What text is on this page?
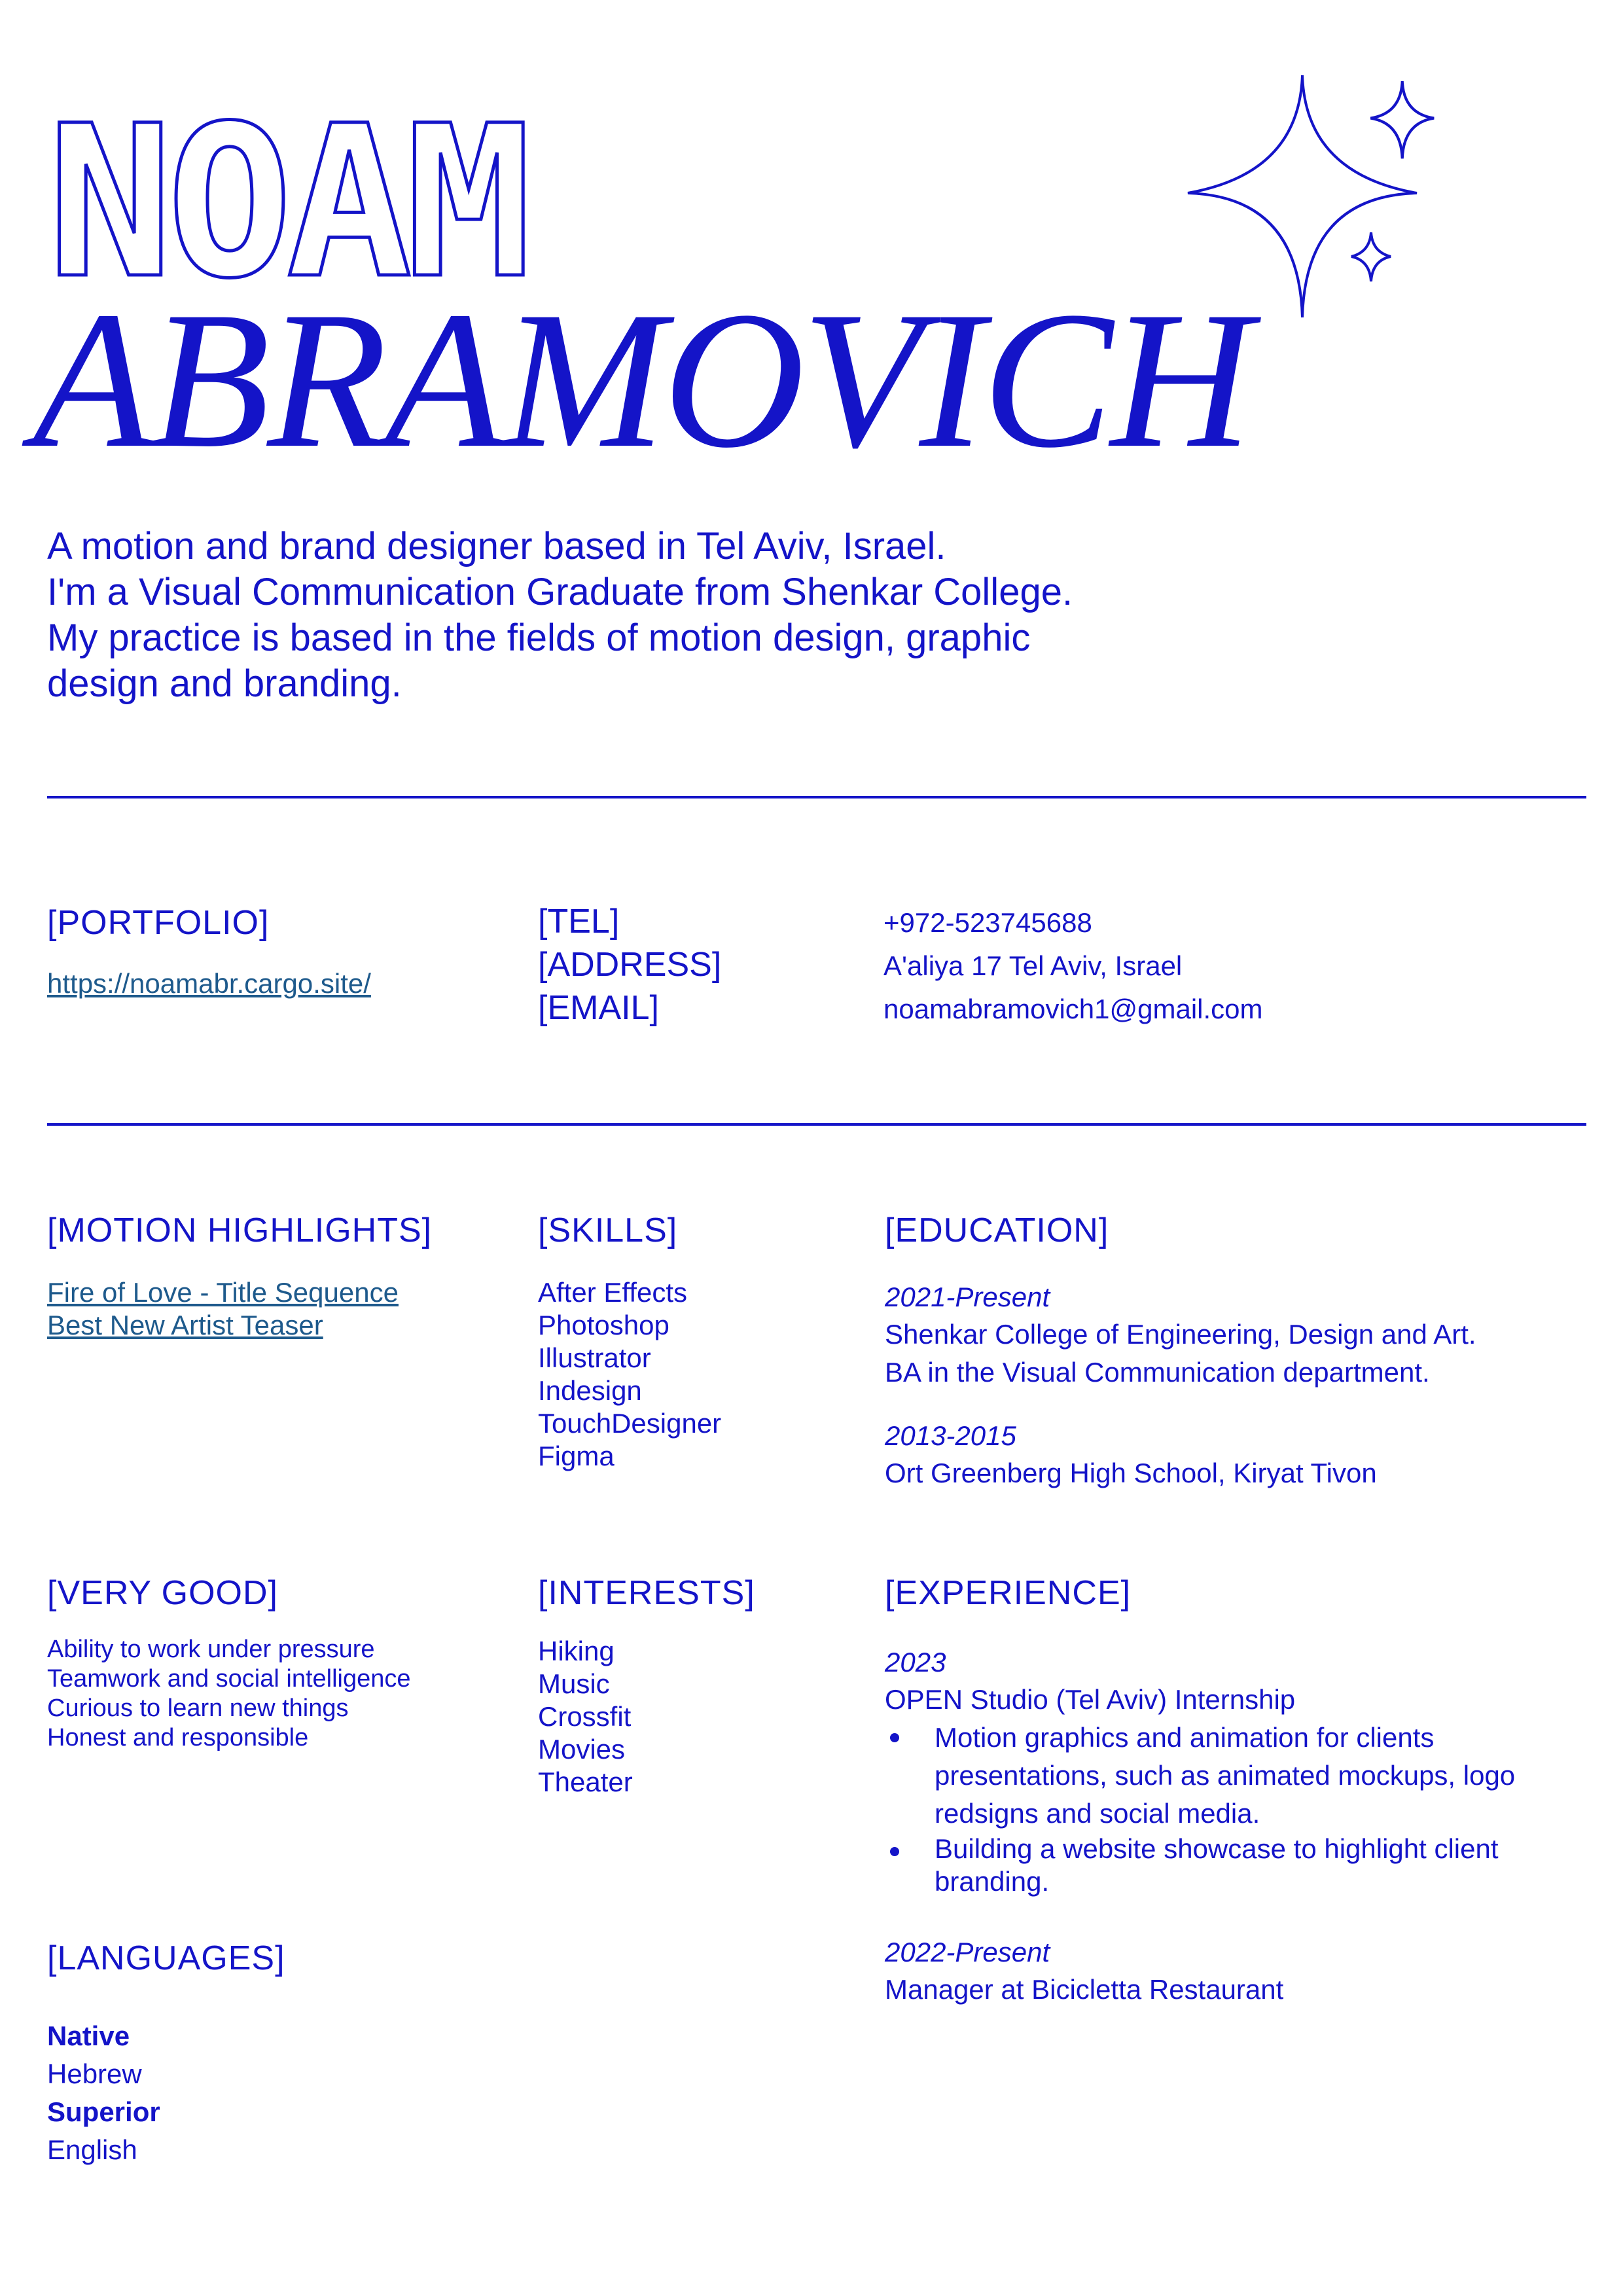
NOAM
ABRAMOVICH
A motion and brand designer based in Tel Aviv, Israel.
I'm a Visual Communication Graduate from Shenkar College.
My practice is based in the fields of motion design, graphic
design and branding.
[PORTFOLIO]
https://noamabr.cargo.site/
[TEL]
[ADDRESS]
[EMAIL]
+972-523745688
A'aliya 17 Tel Aviv, Israel
noamabramovich1@gmail.com
[MOTION HIGHLIGHTS]
Fire of Love - Title Sequence
Best New Artist Teaser
[SKILLS]
After Effects
Photoshop
Illustrator
Indesign
TouchDesigner
Figma
[EDUCATION]
2021-Present
Shenkar College of Engineering, Design and Art.
BA in the Visual Communication department.
2013-2015
Ort Greenberg High School, Kiryat Tivon
[VERY GOOD]
Ability to work under pressure
Teamwork and social intelligence
Curious to learn new things
Honest and responsible
[INTERESTS]
Hiking
Music
Crossfit
Movies
Theater
[EXPERIENCE]
2023
OPEN Studio (Tel Aviv) Internship
Motion graphics and animation for clients presentations, such as animated mockups, logo redsigns and social media.
Building a website showcase to highlight client branding.
2022-Present
Manager at Bicicletta Restaurant
[LANGUAGES]
Native
Hebrew
Superior
English
